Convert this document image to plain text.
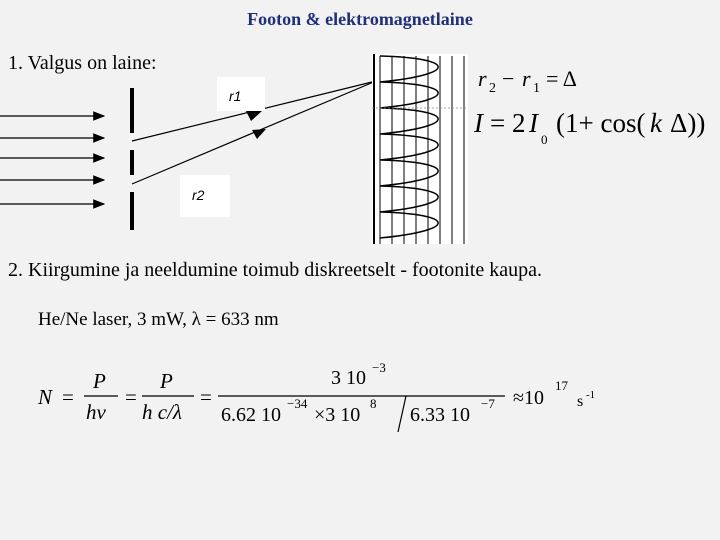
Footon & elektromagnetlaine
1. Valgus on laine:
r1
r2
r 2 − r 1 = Δ
I = 2 I
0
(1+ cos( k Δ))
2. Kiirgumine ja neeldumine toimub diskreetselt - footonite kaupa.
He/Ne laser, 3 mW, λ = 633 nm
N =
P
hν
=
P
h c/λ
=
3 10 −3
6.62 10
−34
×3 10
8
6.33 10
−7 ≈10
17
s -1
